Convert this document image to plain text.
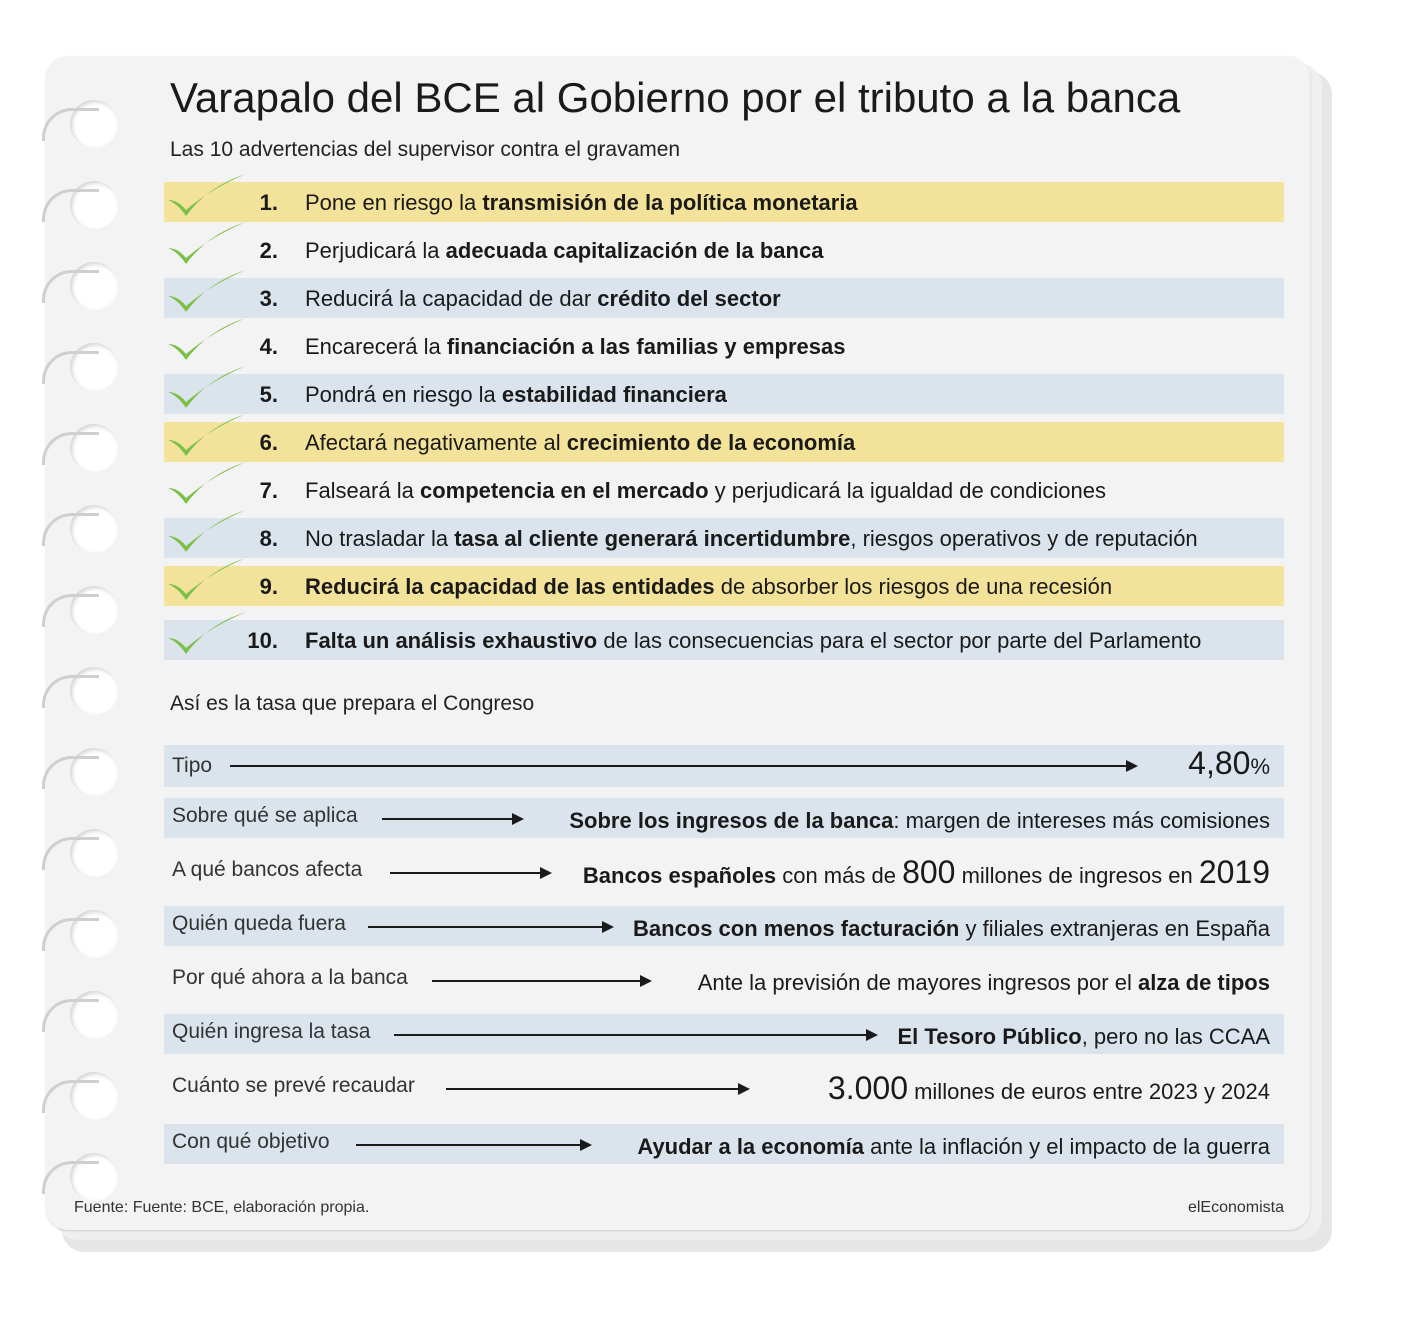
Varapalo del BCE al Gobierno por el tributo a la banca
Las 10 advertencias del supervisor contra el gravamen
1. Pone en riesgo la transmisión de la política monetaria
2. Perjudicará la adecuada capitalización de la banca
3. Reducirá la capacidad de dar crédito del sector
4. Encarecerá la financiación a las familias y empresas
5. Pondrá en riesgo la estabilidad financiera
6. Afectará negativamente al crecimiento de la economía
7. Falseará la competencia en el mercado y perjudicará la igualdad de condiciones
8. No trasladar la tasa al cliente generará incertidumbre, riesgos operativos y de reputación
9. Reducirá la capacidad de las entidades de absorber los riesgos de una recesión
10. Falta un análisis exhaustivo de las consecuencias para el sector por parte del Parlamento
Así es la tasa que prepara el Congreso
Tipo	4,80%
Sobre qué se aplica	Sobre los ingresos de la banca: margen de intereses más comisiones
A qué bancos afecta	Bancos españoles con más de 800 millones de ingresos en 2019
Quién queda fuera	Bancos con menos facturación y filiales extranjeras en España
Por qué ahora a la banca	Ante la previsión de mayores ingresos por el alza de tipos
Quién ingresa la tasa	El Tesoro Público, pero no las CCAA
Cuánto se prevé recaudar	3.000 millones de euros entre 2023 y 2024
Con qué objetivo	Ayudar a la economía ante la inflación y el impacto de la guerra
Fuente: Fuente: BCE, elaboración propia.	elEconomista
